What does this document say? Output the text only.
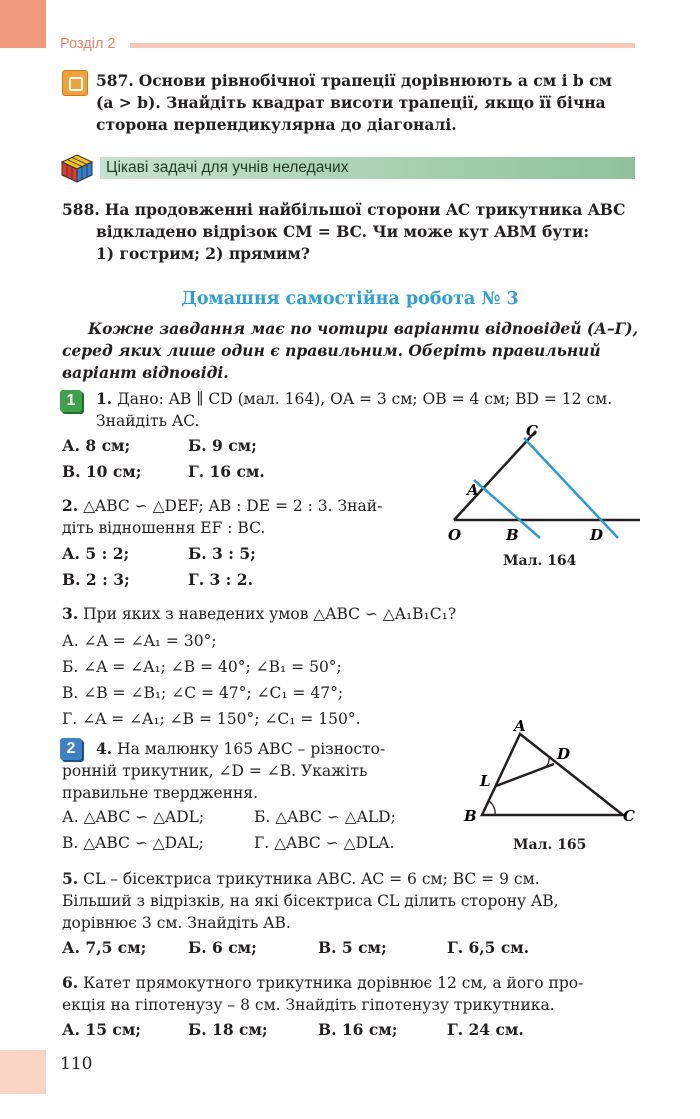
Розділ 2
587. Основи рівнобічної трапеції дорівнюють a см і b см
(a > b). Знайдіть квадрат висоти трапеції, якщо її бічна
сторона перпендикулярна до діагоналі.
Цікаві задачі для учнів неледачих
588. На продовженні найбільшої сторони AC трикутника ABC
відкладено відрізок CM = BC. Чи може кут ABM бути:
1) гострим; 2) прямим?
Домашня самостійна робота № 3
Кожне завдання має по чотири варіанти відповідей (А–Г),
серед яких лише один є правильним. Оберіть правильний
варіант відповіді.
1	1. Дано: AB ∥ CD (мал. 164), OA = 3 см; OB = 4 см; BD = 12 см.
Знайдіть AC.
А. 8 см;	Б. 9 см;
В. 10 см;	Г. 16 см.
2. △ABC ∽ △DEF; AB : DE = 2 : 3. Знай-
діть відношення EF : BC.
А. 5 : 2;	Б. 3 : 5;
В. 2 : 3;	Г. 3 : 2.
C
A
O	B	D
Мал. 164
3. При яких з наведених умов △ABC ∽ △A₁B₁C₁?
А. ∠A = ∠A₁ = 30°;
Б. ∠A = ∠A₁; ∠B = 40°; ∠B₁ = 50°;
В. ∠B = ∠B₁; ∠C = 47°; ∠C₁ = 47°;
Г. ∠A = ∠A₁; ∠B = 150°; ∠C₁ = 150°.
2	4. На малюнку 165 ABC – різносто-
ронній трикутник, ∠D = ∠B. Укажіть
правильне твердження.
А. △ABC ∽ △ADL;	Б. △ABC ∽ △ALD;
В. △ABC ∽ △DAL;	Г. △ABC ∽ △DLA.
A
D
L
B	C
Мал. 165
5. CL – бісектриса трикутника ABC. AC = 6 см; BC = 9 см.
Більший з відрізків, на які бісектриса CL ділить сторону AB,
дорівнює 3 см. Знайдіть AB.
А. 7,5 см;	Б. 6 см;	В. 5 см;	Г. 6,5 см.
6. Катет прямокутного трикутника дорівнює 12 см, а його про-
екція на гіпотенузу – 8 см. Знайдіть гіпотенузу трикутника.
А. 15 см;	Б. 18 см;	В. 16 см;	Г. 24 см.
110
